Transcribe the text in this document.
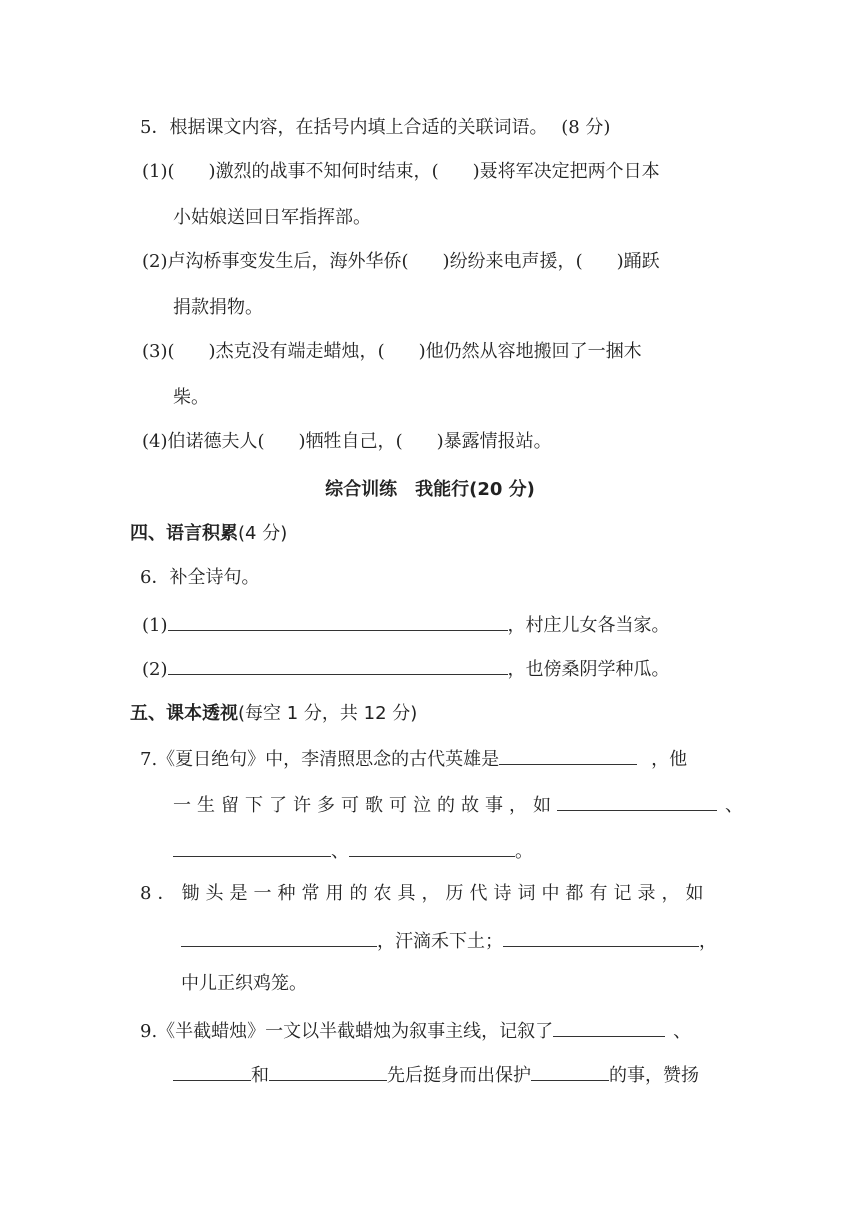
5．根据课文内容，在括号内填上合适的关联词语。 (8 分)
(1)( )激烈的战事不知何时结束，( )聂将军决定把两个日本
小姑娘送回日军指挥部。
(2)卢沟桥事变发生后，海外华侨( )纷纷来电声援，( )踊跃
捐款捐物。
(3)( )杰克没有端走蜡烛，( )他仍然从容地搬回了一捆木
柴。
(4)伯诺德夫人( )牺牲自己，( )暴露情报站。
综合训练　我能行(20 分)
四、语言积累(4 分)
6．补全诗句。
(1)	，村庄儿女各当家。
(2)	，也傍桑阴学种瓜。
五、课本透视(每空 1 分，共 12 分)
7.《夏日绝句》中，李清照思念的古代英雄是	，他
一生留下了许多可歌可泣的故事，如	、
、	。
8．锄头是一种常用的农具，历代诗词中都有记录，如
，汗滴禾下土；	，
中儿正织鸡笼。
9.《半截蜡烛》一文以半截蜡烛为叙事主线，记叙了	、
和	先后挺身而出保护	的事，赞扬
